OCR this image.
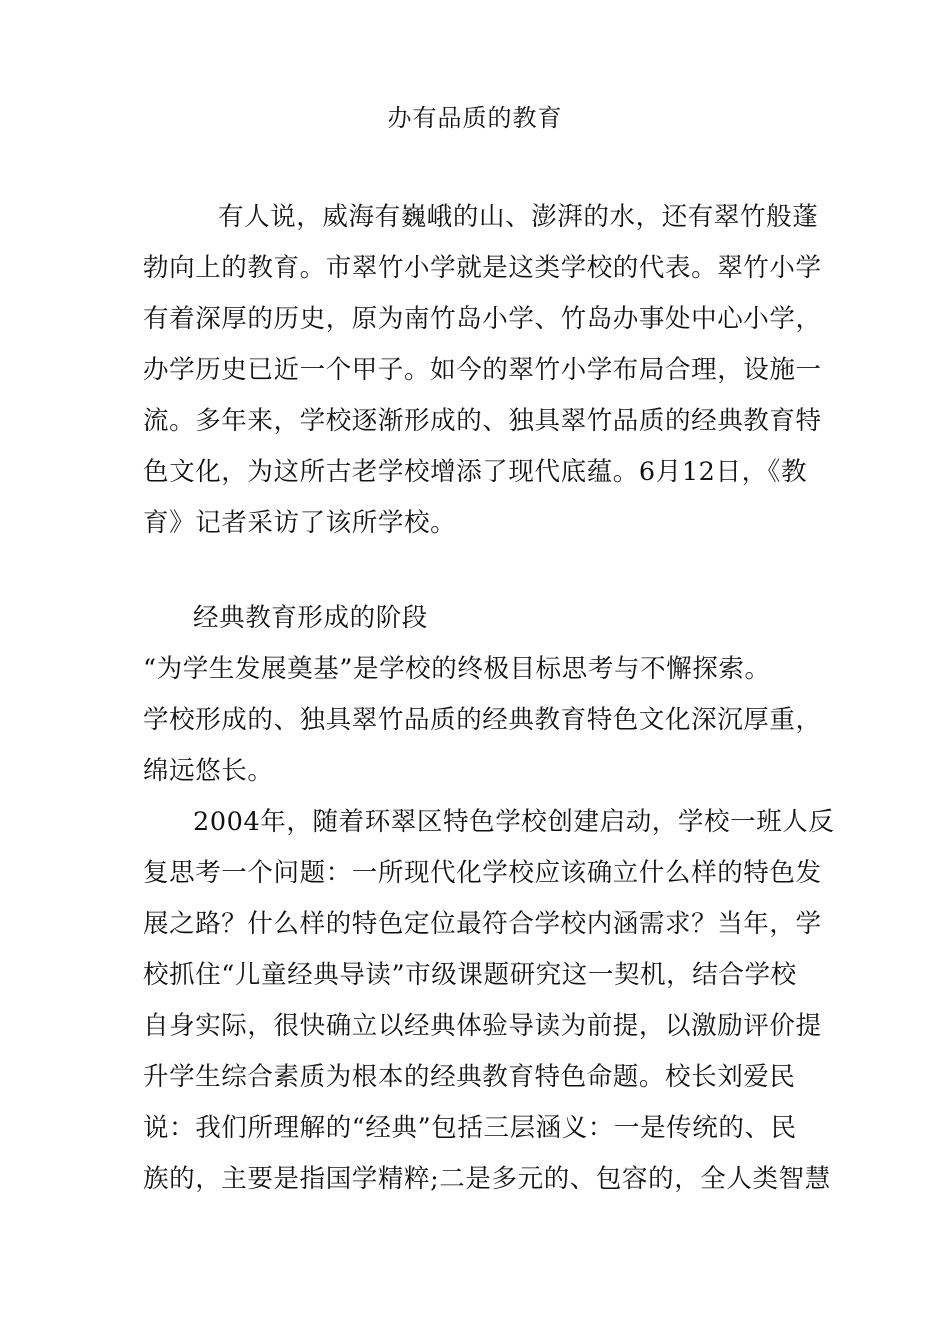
办有品质的教育
有人说，威海有巍峨的山、澎湃的水，还有翠竹般蓬
勃向上的教育。市翠竹小学就是这类学校的代表。翠竹小学
有着深厚的历史，原为南竹岛小学、竹岛办事处中心小学，
办学历史已近一个甲子。如今的翠竹小学布局合理，设施一
流。多年来，学校逐渐形成的、独具翠竹品质的经典教育特
色文化，为这所古老学校增添了现代底蕴。6月12日，《教
育》记者采访了该所学校。
经典教育形成的阶段
“为学生发展奠基”是学校的终极目标思考与不懈探索。
学校形成的、独具翠竹品质的经典教育特色文化深沉厚重，
绵远悠长。
2004年，随着环翠区特色学校创建启动，学校一班人反
复思考一个问题：一所现代化学校应该确立什么样的特色发
展之路？什么样的特色定位最符合学校内涵需求？当年，学
校抓住“儿童经典导读”市级课题研究这一契机，结合学校
自身实际，很快确立以经典体验导读为前提，以激励评价提
升学生综合素质为根本的经典教育特色命题。校长刘爱民
说：我们所理解的“经典”包括三层涵义：一是传统的、民
族的，主要是指国学精粹;二是多元的、包容的，全人类智慧
